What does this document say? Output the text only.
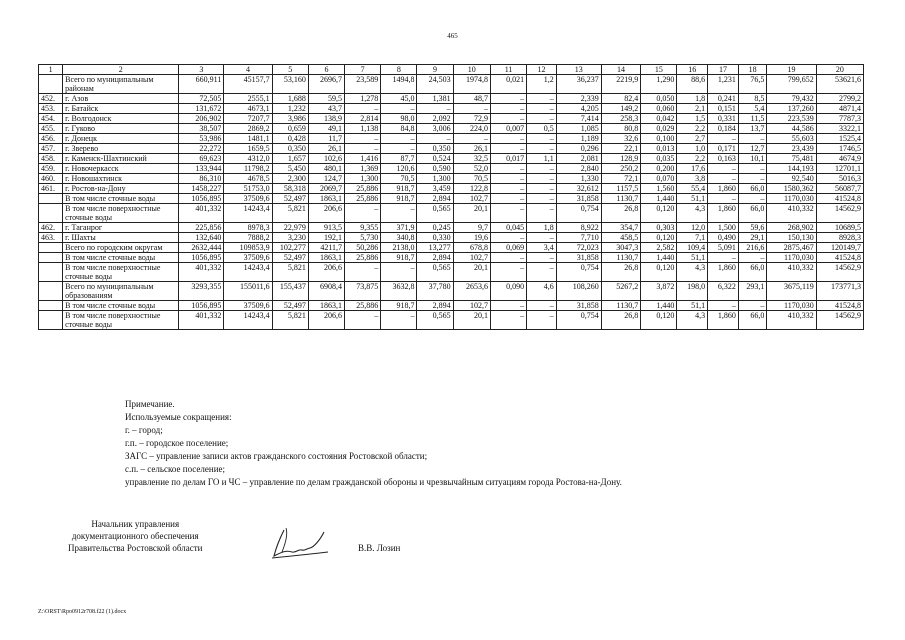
465
1	2	3	4	5	6	7	8	9	10	11	12	13	14	15	16	17	18	19	20
	Всего по муниципальным районам	660,911	45157,7	53,160	2696,7	23,589	1494,8	24,503	1974,8	0,021	1,2	36,237	2219,9	1,290	88,6	1,231	76,5	799,652	53621,6
452.	г. Азов	72,505	2555,1	1,688	59,5	1,278	45,0	1,381	48,7	–	–	2,339	82,4	0,050	1,8	0,241	8,5	79,432	2799,2
453.	г. Батайск	131,672	4673,1	1,232	43,7	–	–	–	–	–	–	4,205	149,2	0,060	2,1	0,151	5,4	137,260	4871,4
454.	г. Волгодонск	206,902	7207,7	3,986	138,9	2,814	98,0	2,092	72,9	–	–	7,414	258,3	0,042	1,5	0,331	11,5	223,539	7787,3
455.	г. Гуково	38,507	2869,2	0,659	49,1	1,138	84,8	3,006	224,0	0,007	0,5	1,085	80,8	0,029	2,2	0,184	13,7	44,586	3322,1
456.	г. Донецк	53,986	1481,1	0,428	11,7	–	–	–	–	–	–	1,189	32,6	0,100	2,7	–	–	55,603	1525,4
457.	г. Зверево	22,272	1659,5	0,350	26,1	–	–	0,350	26,1	–	–	0,296	22,1	0,013	1,0	0,171	12,7	23,439	1746,5
458.	г. Каменск-Шахтинский	69,623	4312,0	1,657	102,6	1,416	87,7	0,524	32,5	0,017	1,1	2,081	128,9	0,035	2,2	0,163	10,1	75,481	4674,9
459.	г. Новочеркасск	133,944	11798,2	5,450	480,1	1,369	120,6	0,590	52,0	–	–	2,840	250,2	0,200	17,6	–	–	144,193	12701,1
460.	г. Новошахтинск	86,310	4678,5	2,300	124,7	1,300	70,5	1,300	70,5	–	–	1,330	72,1	0,070	3,8	–	–	92,540	5016,3
461.	г. Ростов-на-Дону	1458,227	51753,0	58,318	2069,7	25,886	918,7	3,459	122,8	–	–	32,612	1157,5	1,560	55,4	1,860	66,0	1580,362	56087,7
	В том числе сточные воды	1056,895	37509,6	52,497	1863,1	25,886	918,7	2,894	102,7	–	–	31,858	1130,7	1,440	51,1	–	–	1170,030	41524,8
	В том числе поверхностные сточные воды	401,332	14243,4	5,821	206,6	–	–	0,565	20,1	–	–	0,754	26,8	0,120	4,3	1,860	66,0	410,332	14562,9
462.	г. Таганрог	225,856	8978,3	22,979	913,5	9,355	371,9	0,245	9,7	0,045	1,8	8,922	354,7	0,303	12,0	1,500	59,6	268,902	10689,5
463.	г. Шахты	132,640	7888,2	3,230	192,1	5,730	340,8	0,330	19,6	–	–	7,710	458,5	0,120	7,1	0,490	29,1	150,130	8928,3
	Всего по городским округам	2632,444	109853,9	102,277	4211,7	50,286	2138,0	13,277	678,8	0,069	3,4	72,023	3047,3	2,582	109,4	5,091	216,6	2875,467	120149,7
	В том числе сточные воды	1056,895	37509,6	52,497	1863,1	25,886	918,7	2,894	102,7	–	–	31,858	1130,7	1,440	51,1	–	–	1170,030	41524,8
	В том числе поверхностные сточные воды	401,332	14243,4	5,821	206,6	–	–	0,565	20,1	–	–	0,754	26,8	0,120	4,3	1,860	66,0	410,332	14562,9
	Всего по муниципальным образованиям	3293,355	155011,6	155,437	6908,4	73,875	3632,8	37,780	2653,6	0,090	4,6	108,260	5267,2	3,872	198,0	6,322	293,1	3675,119	173771,3
	В том числе сточные воды	1056,895	37509,6	52,497	1863,1	25,886	918,7	2,894	102,7	–	–	31,858	1130,7	1,440	51,1	–	–	1170,030	41524,8
	В том числе поверхностные сточные воды	401,332	14243,4	5,821	206,6	–	–	0,565	20,1	–	–	0,754	26,8	0,120	4,3	1,860	66,0	410,332	14562,9
Примечание.
Используемые сокращения:
г. – город;
г.п. – городское поселение;
ЗАГС – управление записи актов гражданского состояния Ростовской области;
с.п. – сельское поселение;
управление по делам ГО и ЧС – управление по делам гражданской обороны и чрезвычайным ситуациям города Ростова-на-Дону.
Начальник управления
документационного обеспечения
Правительства Ростовской области	В.В. Лозин
Z:\ORST\Rpo0912r708.f22 (1).docx
